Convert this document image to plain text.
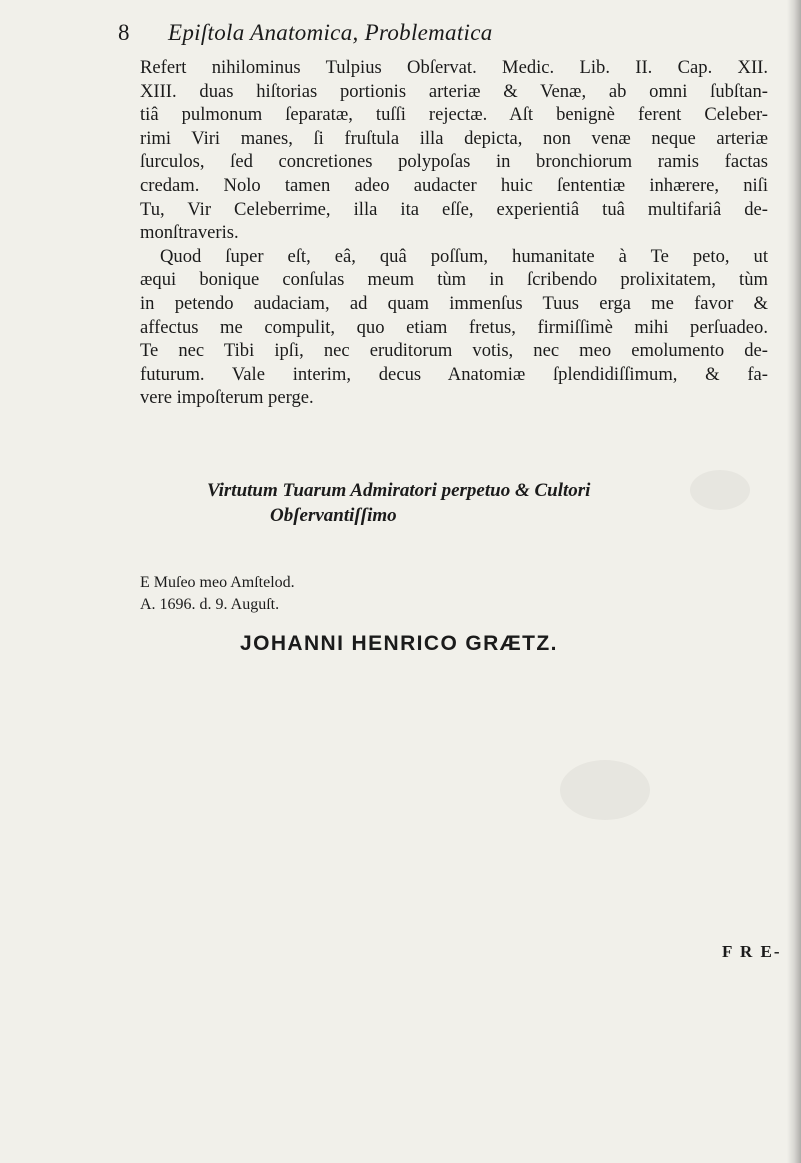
8 Epiſtola Anatomica, Problematica

Refert nihilominus Tulpius Obſervat. Medic. Lib. II. Cap. XII.

XIII. duas hiſtorias portionis arteriæ & Venæ, ab omni ſubſtan-

tiâ pulmonum ſeparatæ, tuſſi rejectæ. Aſt benignè ferent Celeber-

rimi Viri manes, ſi fruſtula illa depicta, non venæ neque arteriæ

ſurculos, ſed concretiones polypoſas in bronchiorum ramis factas

credam. Nolo tamen adeo audacter huic ſententiæ inhærere, niſi

Tu, Vir Celeberrime, illa ita eſſe, experientiâ tuâ multifariâ de-

monſtraveris.

Quod ſuper eſt, eâ, quâ poſſum, humanitate à Te peto, ut

æqui bonique conſulas meum tùm in ſcribendo prolixitatem, tùm

in petendo audaciam, ad quam immenſus Tuus erga me favor &

affectus me compulit, quo etiam fretus, firmiſſimè mihi perſuadeo.

Te nec Tibi ipſi, nec eruditorum votis, nec meo emolumento de-

futurum. Vale interim, decus Anatomiæ ſplendidiſſimum, & fa-

vere impoſterum perge.

Virtutum Tuarum Admiratori perpetuo & Cultori
Obſervantiſſimo
E Muſeo meo Amſtelod.
A. 1696. d. 9. Auguſt.
JOHANNI HENRICO GRÆTZ.
F R E-
